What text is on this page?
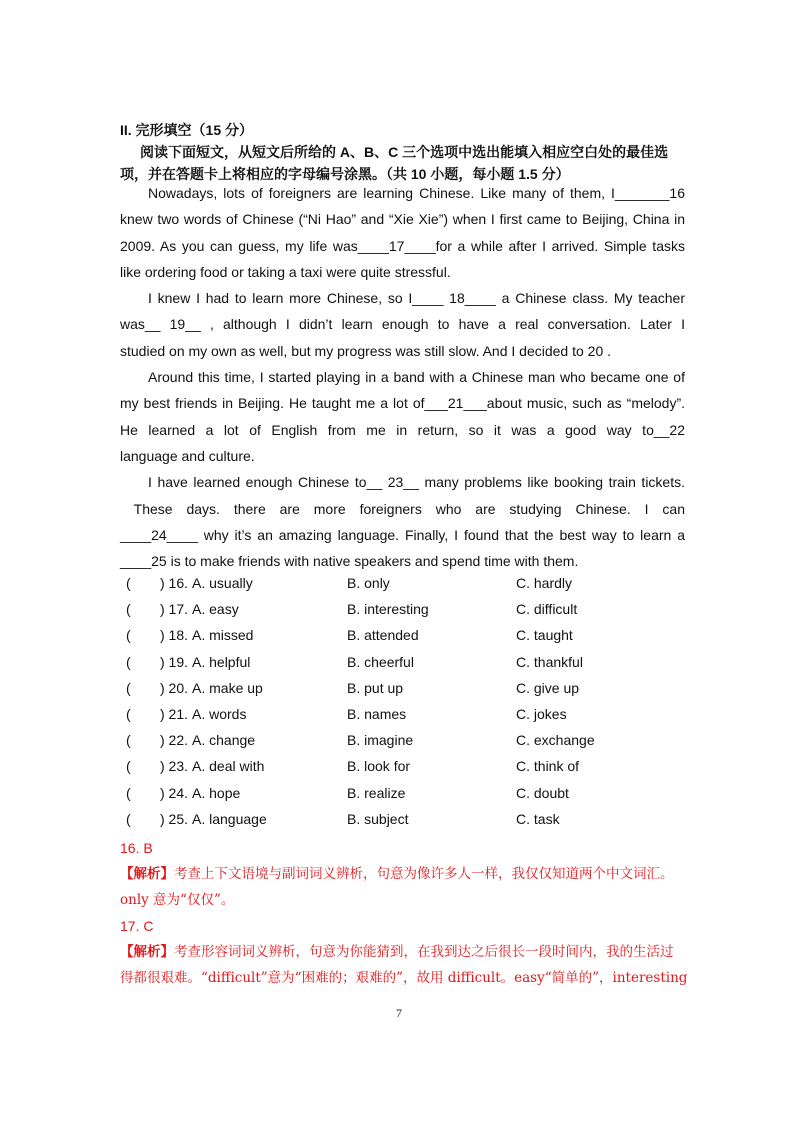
II. 完形填空（15 分）
阅读下面短文，从短文后所给的 A、B、C 三个选项中选出能填入相应空白处的最佳选
项，并在答题卡上将相应的字母编号涂黑。（共 10 小题，每小题 1.5 分）

Nowadays, lots of foreigners are learning Chinese. Like many of them, I_______16
knew two words of Chinese (“Ni Hao” and “Xie Xie”) when I first came to Beijing, China in
2009. As you can guess, my life was____17____for a while after I arrived. Simple tasks
like ordering food or taking a taxi were quite stressful.

I knew I had to learn more Chinese, so I____ 18____ a Chinese class. My teacher
was__ 19__ , although I didn’t learn enough to have a real conversation. Later I
studied on my own as well, but my progress was still slow. And I decided to 20 .

Around this time, I started playing in a band with a Chinese man who became one of
my best friends in Beijing. He taught me a lot of___21___about music, such as “melody”.
He learned a lot of English from me in return, so it was a good way to__22
language and culture.

I have learned enough Chinese to__ 23__ many problems like booking train tickets.
These  days.  there  are  more  foreigners  who  are  studying  Chinese.  I  can
____24____ why it’s an amazing language. Finally, I found that the best way to learn a
____25 is to make friends with native speakers and spend time with them.

( ) 16. A. usually	B. only	C. hardly
( ) 17. A. easy	B. interesting	C. difficult
( ) 18. A. missed	B. attended	C. taught
( ) 19. A. helpful	B. cheerful	C. thankful
( ) 20. A. make up	B. put up	C. give up
( ) 21. A. words	B. names	C. jokes
( ) 22. A. change	B. imagine	C. exchange
( ) 23. A. deal with	B. look for	C. think of
( ) 24. A. hope	B. realize	C. doubt
( ) 25. A. language	B. subject	C. task
16. B
【解析】考查上下文语境与副词词义辨析，句意为像许多人一样，我仅仅知道两个中文词汇。
only 意为“仅仅”。
17. C
【解析】考查形容词词义辨析，句意为你能猜到，在我到达之后很长一段时间内，我的生活过
得都很艰难。“difficult”意为“困难的；艰难的”，故用 difficult。easy“简单的”，interesting
7
